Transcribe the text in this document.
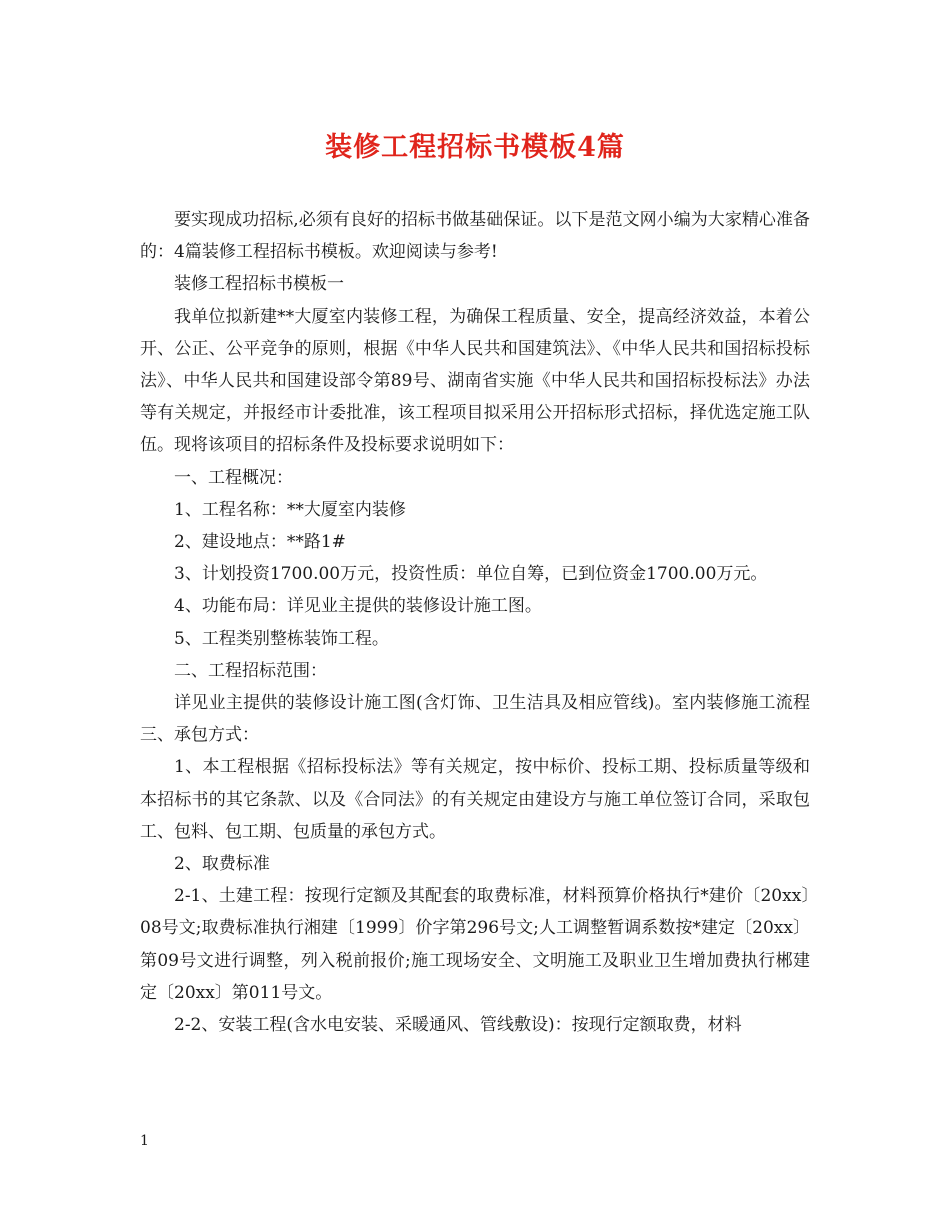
装修工程招标书模板4篇

要实现成功招标,必须有良好的招标书做基础保证。以下是范文网小编为大家精心准备的：4篇装修工程招标书模板。欢迎阅读与参考!

装修工程招标书模板一

我单位拟新建**大厦室内装修工程，为确保工程质量、安全，提高经济效益，本着公开、公正、公平竞争的原则，根据《中华人民共和国建筑法》、《中华人民共和国招标投标法》、中华人民共和国建设部令第89号、湖南省实施《中华人民共和国招标投标法》办法等有关规定，并报经市计委批准，该工程项目拟采用公开招标形式招标，择优选定施工队伍。现将该项目的招标条件及投标要求说明如下：

一、工程概况：

1、工程名称：**大厦室内装修

2、建设地点：**路1#

3、计划投资1700.00万元，投资性质：单位自筹，已到位资金1700.00万元。

4、功能布局：详见业主提供的装修设计施工图。

5、工程类别整栋装饰工程。

二、工程招标范围：

详见业主提供的装修设计施工图(含灯饰、卫生洁具及相应管线)。室内装修施工流程三、承包方式：

1、本工程根据《招标投标法》等有关规定，按中标价、投标工期、投标质量等级和本招标书的其它条款、以及《合同法》的有关规定由建设方与施工单位签订合同，采取包工、包料、包工期、包质量的承包方式。

2、取费标准

2-1、土建工程：按现行定额及其配套的取费标准，材料预算价格执行*建价〔20xx〕08号文;取费标准执行湘建〔1999〕价字第296号文;人工调整暂调系数按*建定〔20xx〕第09号文进行调整，列入税前报价;施工现场安全、文明施工及职业卫生增加费执行郴建定〔20xx〕第011号文。

2-2、安装工程(含水电安装、采暖通风、管线敷设)：按现行定额取费，材料

1
